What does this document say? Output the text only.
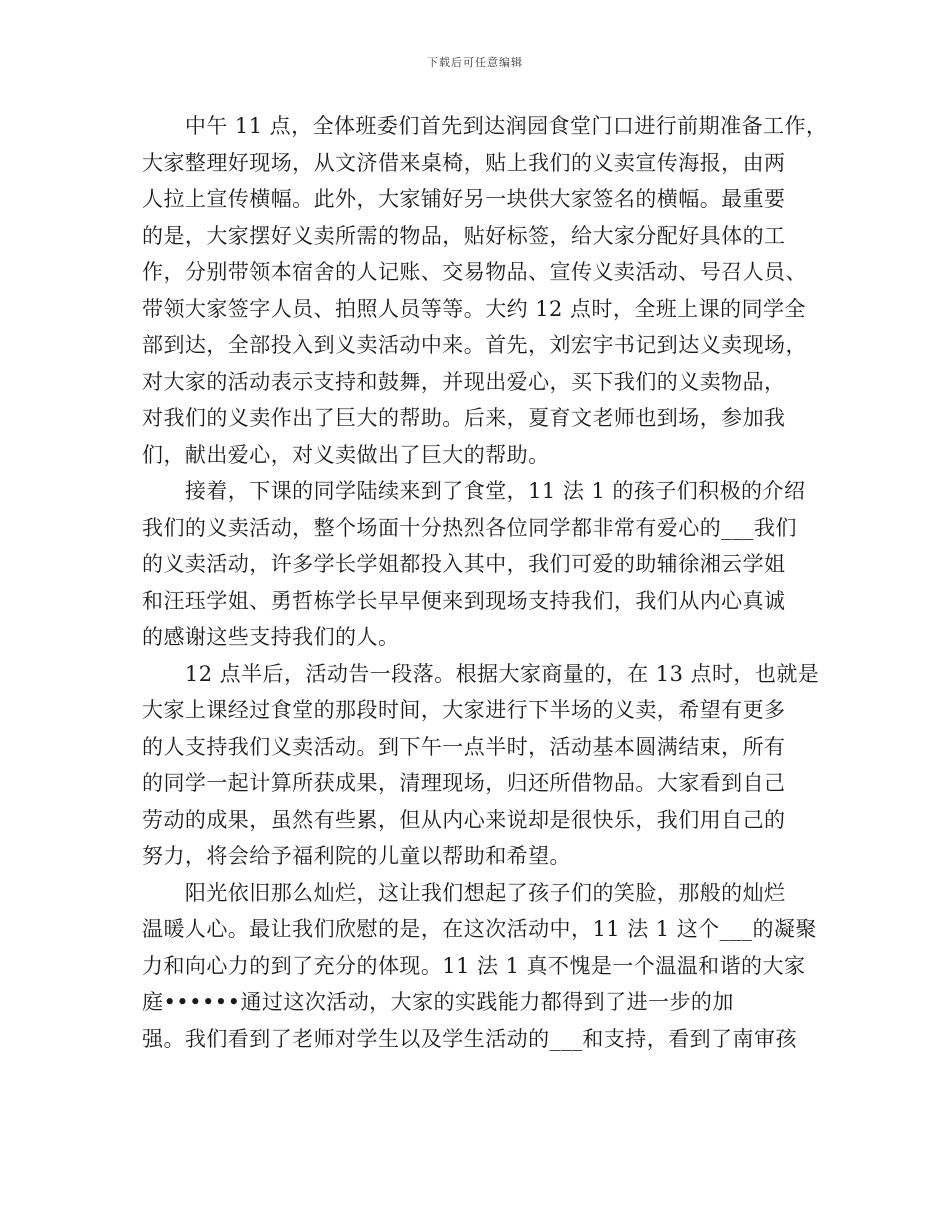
下载后可任意编辑
　　中午 11 点，全体班委们首先到达润园食堂门口进行前期准备工作，
大家整理好现场，从文济借来桌椅，贴上我们的义卖宣传海报，由两
人拉上宣传横幅。此外，大家铺好另一块供大家签名的横幅。最重要
的是，大家摆好义卖所需的物品，贴好标签，给大家分配好具体的工
作，分别带领本宿舍的人记账、交易物品、宣传义卖活动、号召人员、
带领大家签字人员、拍照人员等等。大约 12 点时，全班上课的同学全
部到达，全部投入到义卖活动中来。首先，刘宏宇书记到达义卖现场，
对大家的活动表示支持和鼓舞，并现出爱心，买下我们的义卖物品，
对我们的义卖作出了巨大的帮助。后来，夏育文老师也到场，参加我
们，献出爱心，对义卖做出了巨大的帮助。
　　接着，下课的同学陆续来到了食堂，11 法 1 的孩子们积极的介绍
我们的义卖活动，整个场面十分热烈各位同学都非常有爱心的___我们
的义卖活动，许多学长学姐都投入其中，我们可爱的助辅徐湘云学姐
和汪珏学姐、勇哲栋学长早早便来到现场支持我们，我们从内心真诚
的感谢这些支持我们的人。
　　12 点半后，活动告一段落。根据大家商量的，在 13 点时，也就是
大家上课经过食堂的那段时间，大家进行下半场的义卖，希望有更多
的人支持我们义卖活动。到下午一点半时，活动基本圆满结束，所有
的同学一起计算所获成果，清理现场，归还所借物品。大家看到自己
劳动的成果，虽然有些累，但从内心来说却是很快乐，我们用自己的
努力，将会给予福利院的儿童以帮助和希望。
　　阳光依旧那么灿烂，这让我们想起了孩子们的笑脸，那般的灿烂
温暖人心。最让我们欣慰的是，在这次活动中，11 法 1 这个___的凝聚
力和向心力的到了充分的体现。11 法 1 真不愧是一个温温和谐的大家
庭••••••通过这次活动，大家的实践能力都得到了进一步的加
强。我们看到了老师对学生以及学生活动的___和支持，看到了南审孩
